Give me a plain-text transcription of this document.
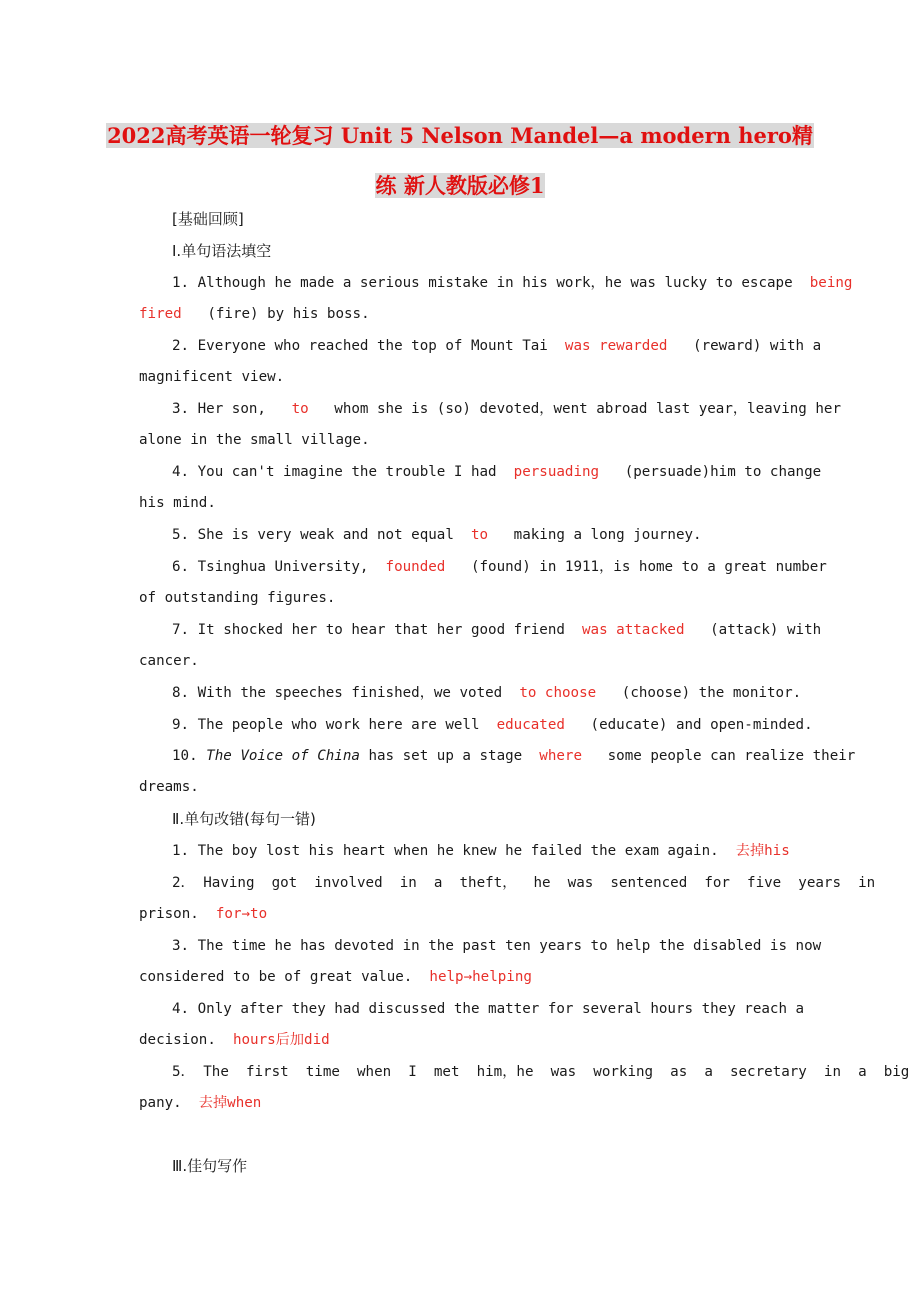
2022高考英语一轮复习 Unit 5 Nelson Mandel—a modern hero精
练 新人教版必修1
[基础回顾]
Ⅰ.单句语法填空
1. Although he made a serious mistake in his work，he was lucky to escape  being
fired   (fire) by his boss.
2. Everyone who reached the top of Mount Tai  was rewarded   (reward) with a
magnificent view.
3. Her son,   to   whom she is (so) devoted，went abroad last year，leaving her
alone in the small village.
4. You can't imagine the trouble I had  persuading   (persuade)him to change
his mind.
5. She is very weak and not equal  to   making a long journey.
6. Tsinghua University,  founded   (found) in 1911，is home to a great number
of outstanding figures.
7. It shocked her to hear that her good friend  was attacked   (attack) with
cancer.
8. With the speeches finished，we voted  to choose   (choose) the monitor.
9. The people who work here are well  educated   (educate) and open-minded.
10. The Voice of China has set up a stage  where   some people can realize their
dreams.
Ⅱ.单句改错(每句一错)
1. The boy lost his heart when he knew he failed the exam again.  去掉his
2． Having  got  involved  in  a  theft，  he  was  sentenced  for  five  years  in
prison.  for→to
3. The time he has devoted in the past ten years to help the disabled is now
considered to be of great value.  help→helping
4. Only after they had discussed the matter for several hours they reach a
decision.  hours后加did
5． The  first  time  when  I  met  him，he  was  working  as  a  secretary  in  a  big
pany.  去掉when
Ⅲ.佳句写作
